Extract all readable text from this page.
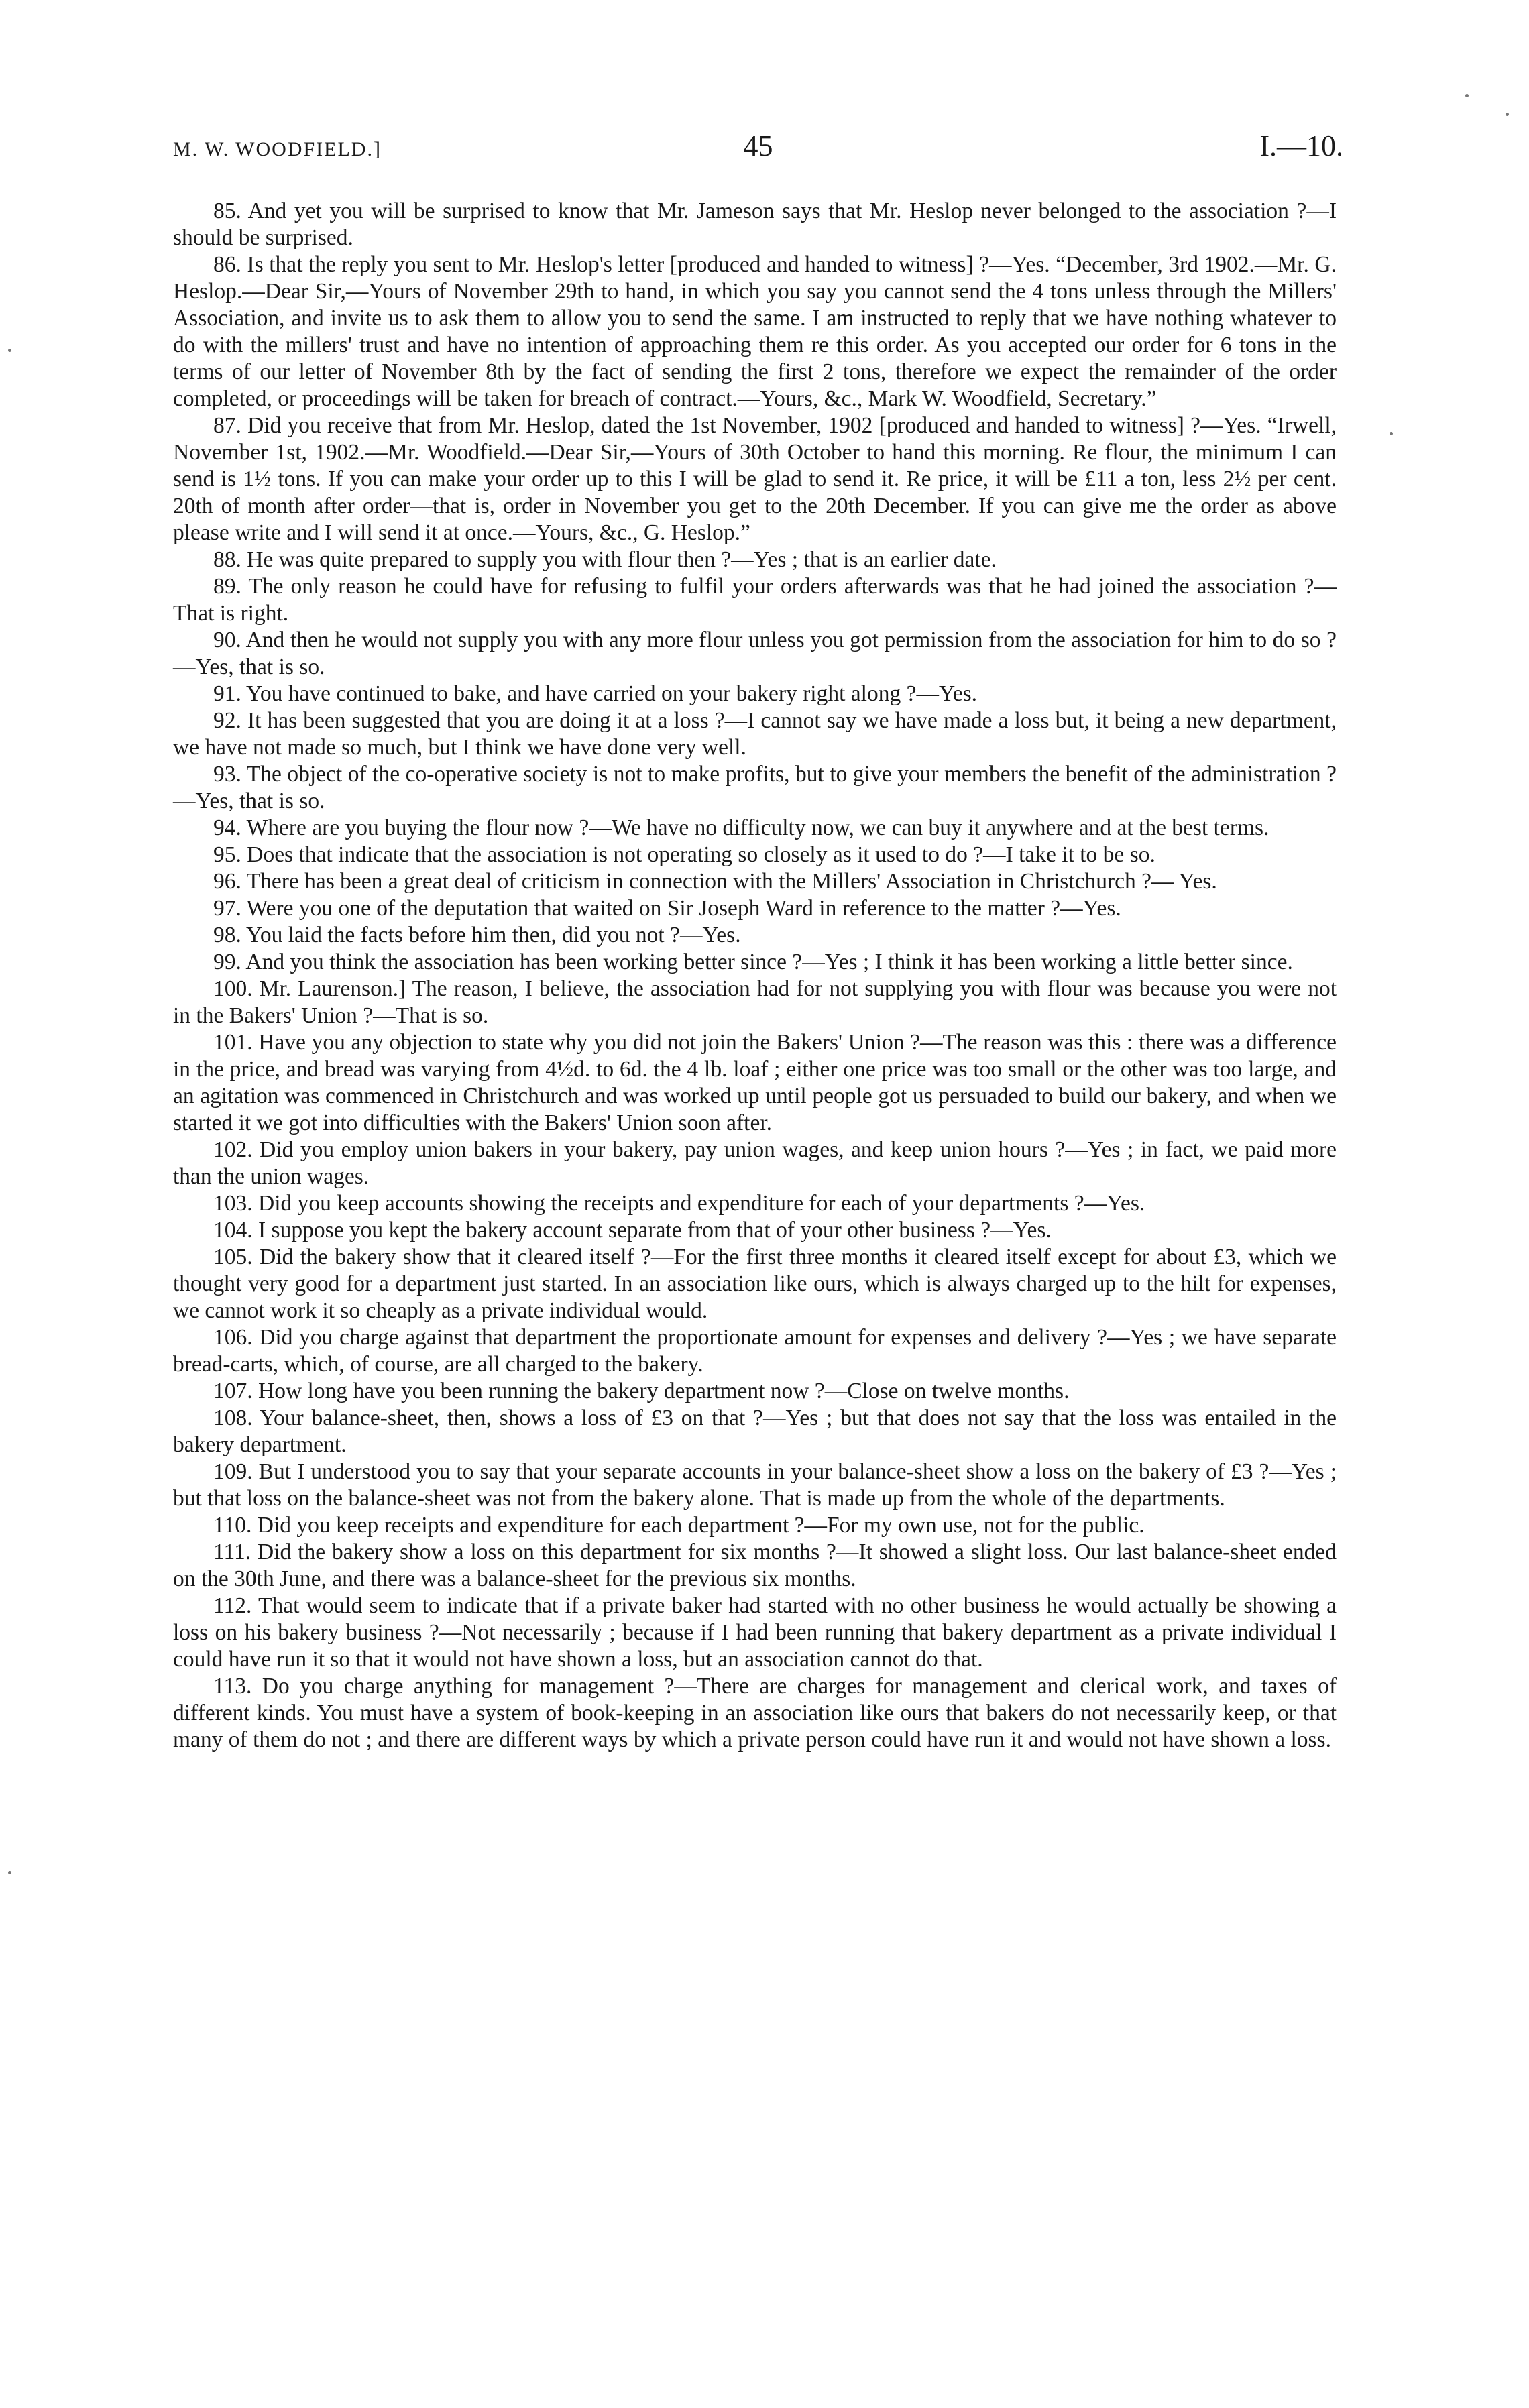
M. W. WOODFIELD.]	45	I.—10.

85. And yet you will be surprised to know that Mr. Jameson says that Mr. Heslop never belonged to the association ?—I should be surprised.

86. Is that the reply you sent to Mr. Heslop's letter [produced and handed to witness] ?—Yes. “December, 3rd 1902.—Mr. G. Heslop.—Dear Sir,—Yours of November 29th to hand, in which you say you cannot send the 4 tons unless through the Millers' Association, and invite us to ask them to allow you to send the same. I am instructed to reply that we have nothing whatever to do with the millers' trust and have no intention of approaching them re this order. As you accepted our order for 6 tons in the terms of our letter of November 8th by the fact of sending the first 2 tons, therefore we expect the remainder of the order completed, or proceedings will be taken for breach of contract.—Yours, &c., Mark W. Woodfield, Secretary.”

87. Did you receive that from Mr. Heslop, dated the 1st November, 1902 [produced and handed to witness] ?—Yes. “Irwell, November 1st, 1902.—Mr. Woodfield.—Dear Sir,—Yours of 30th October to hand this morning. Re flour, the minimum I can send is 1½ tons. If you can make your order up to this I will be glad to send it. Re price, it will be £11 a ton, less 2½ per cent. 20th of month after order—that is, order in November you get to the 20th December. If you can give me the order as above please write and I will send it at once.—Yours, &c., G. Heslop.”

88. He was quite prepared to supply you with flour then ?—Yes ; that is an earlier date.

89. The only reason he could have for refusing to fulfil your orders afterwards was that he had joined the association ?—That is right.

90. And then he would not supply you with any more flour unless you got permission from the association for him to do so ?—Yes, that is so.

91. You have continued to bake, and have carried on your bakery right along ?—Yes.

92. It has been suggested that you are doing it at a loss ?—I cannot say we have made a loss but, it being a new department, we have not made so much, but I think we have done very well.

93. The object of the co-operative society is not to make profits, but to give your members the benefit of the administration ?—Yes, that is so.

94. Where are you buying the flour now ?—We have no difficulty now, we can buy it anywhere and at the best terms.

95. Does that indicate that the association is not operating so closely as it used to do ?—I take it to be so.

96. There has been a great deal of criticism in connection with the Millers' Association in Christchurch ?— Yes.

97. Were you one of the deputation that waited on Sir Joseph Ward in reference to the matter ?—Yes.

98. You laid the facts before him then, did you not ?—Yes.

99. And you think the association has been working better since ?—Yes ; I think it has been working a little better since.

100. Mr. Laurenson.] The reason, I believe, the association had for not supplying you with flour was because you were not in the Bakers' Union ?—That is so.

101. Have you any objection to state why you did not join the Bakers' Union ?—The reason was this : there was a difference in the price, and bread was varying from 4½d. to 6d. the 4 lb. loaf ; either one price was too small or the other was too large, and an agitation was commenced in Christchurch and was worked up until people got us persuaded to build our bakery, and when we started it we got into difficulties with the Bakers' Union soon after.

102. Did you employ union bakers in your bakery, pay union wages, and keep union hours ?—Yes ; in fact, we paid more than the union wages.

103. Did you keep accounts showing the receipts and expenditure for each of your departments ?—Yes.

104. I suppose you kept the bakery account separate from that of your other business ?—Yes.

105. Did the bakery show that it cleared itself ?—For the first three months it cleared itself except for about £3, which we thought very good for a department just started. In an association like ours, which is always charged up to the hilt for expenses, we cannot work it so cheaply as a private individual would.

106. Did you charge against that department the proportionate amount for expenses and delivery ?—Yes ; we have separate bread-carts, which, of course, are all charged to the bakery.

107. How long have you been running the bakery department now ?—Close on twelve months.

108. Your balance-sheet, then, shows a loss of £3 on that ?—Yes ; but that does not say that the loss was entailed in the bakery department.

109. But I understood you to say that your separate accounts in your balance-sheet show a loss on the bakery of £3 ?—Yes ; but that loss on the balance-sheet was not from the bakery alone. That is made up from the whole of the departments.

110. Did you keep receipts and expenditure for each department ?—For my own use, not for the public.

111. Did the bakery show a loss on this department for six months ?—It showed a slight loss. Our last balance-sheet ended on the 30th June, and there was a balance-sheet for the previous six months.

112. That would seem to indicate that if a private baker had started with no other business he would actually be showing a loss on his bakery business ?—Not necessarily ; because if I had been running that bakery department as a private individual I could have run it so that it would not have shown a loss, but an association cannot do that.

113. Do you charge anything for management ?—There are charges for management and clerical work, and taxes of different kinds. You must have a system of book-keeping in an association like ours that bakers do not necessarily keep, or that many of them do not ; and there are different ways by which a private person could have run it and would not have shown a loss.
